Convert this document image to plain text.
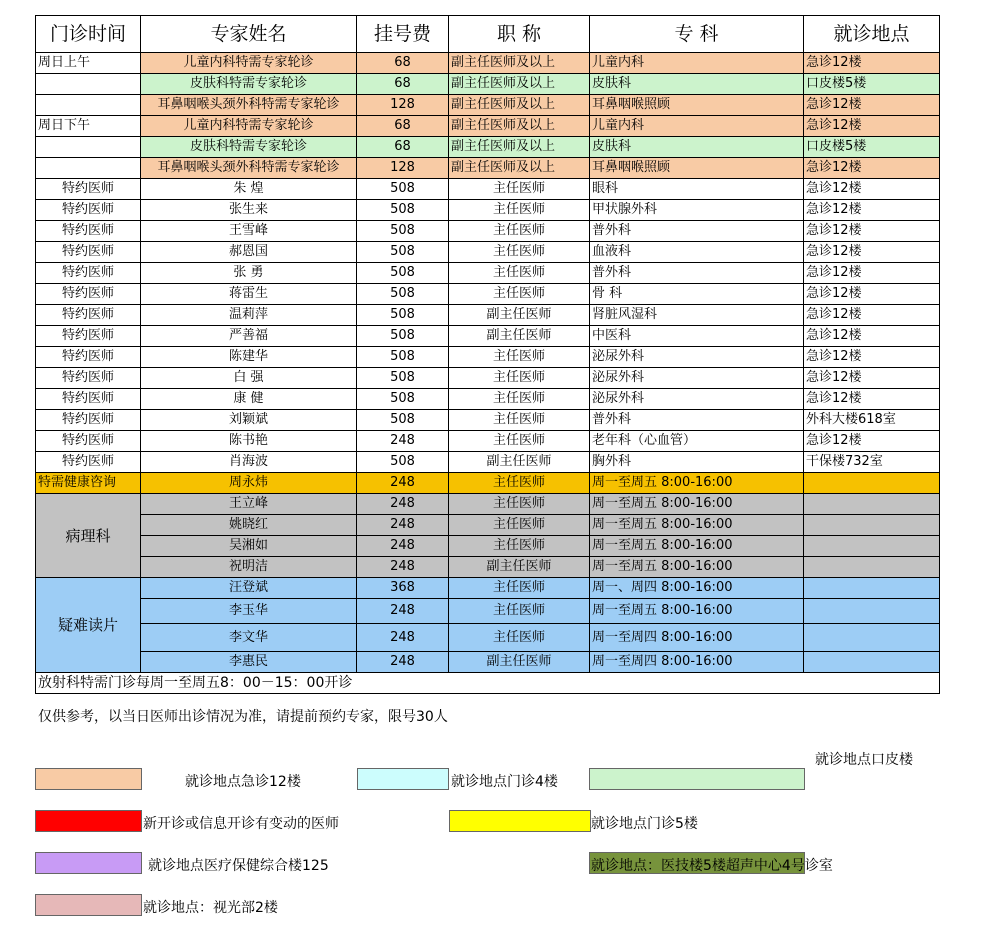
门诊时间	专家姓名	挂号费	职 称	专 科	就诊地点
周日上午	儿童内科特需专家轮诊	68	副主任医师及以上	儿童内科	急诊12楼
	皮肤科特需专家轮诊	68	副主任医师及以上	皮肤科	口皮楼5楼
	耳鼻咽喉头颈外科特需专家轮诊	128	副主任医师及以上	耳鼻咽喉照顾	急诊12楼
周日下午	儿童内科特需专家轮诊	68	副主任医师及以上	儿童内科	急诊12楼
	皮肤科特需专家轮诊	68	副主任医师及以上	皮肤科	口皮楼5楼
	耳鼻咽喉头颈外科特需专家轮诊	128	副主任医师及以上	耳鼻咽喉照顾	急诊12楼
特约医师	朱 煌	508	主任医师	眼科	急诊12楼
特约医师	张生来	508	主任医师	甲状腺外科	急诊12楼
特约医师	王雪峰	508	主任医师	普外科	急诊12楼
特约医师	郝恩国	508	主任医师	血液科	急诊12楼
特约医师	张 勇	508	主任医师	普外科	急诊12楼
特约医师	蒋雷生	508	主任医师	骨 科	急诊12楼
特约医师	温莉萍	508	副主任医师	肾脏风湿科	急诊12楼
特约医师	严善福	508	副主任医师	中医科	急诊12楼
特约医师	陈建华	508	主任医师	泌尿外科	急诊12楼
特约医师	白 强	508	主任医师	泌尿外科	急诊12楼
特约医师	康 健	508	主任医师	泌尿外科	急诊12楼
特约医师	刘颖斌	508	主任医师	普外科	外科大楼618室
特约医师	陈书艳	248	主任医师	老年科（心血管）	急诊12楼
特约医师	肖海波	508	副主任医师	胸外科	干保楼732室
特需健康咨询	周永炜	248	主任医师	周一至周五 8:00-16:00	
病理科	王立峰	248	主任医师	周一至周五 8:00-16:00	
	姚晓红	248	主任医师	周一至周五 8:00-16:00	
	吴湘如	248	主任医师	周一至周五 8:00-16:00	
	祝明洁	248	副主任医师	周一至周五 8:00-16:00	
疑难读片	汪登斌	368	主任医师	周一、周四 8:00-16:00	
	李玉华	248	主任医师	周一至周五 8:00-16:00	
	李文华	248	主任医师	周一至周四 8:00-16:00	
	李惠民	248	副主任医师	周一至周四 8:00-16:00	
放射科特需门诊每周一至周五8：00－15：00开诊					
仅供参考，以当日医师出诊情况为准，请提前预约专家，限号30人
就诊地点急诊12楼	就诊地点门诊4楼
就诊地点口皮楼
新开诊或信息开诊有变动的医师	就诊地点门诊5楼
就诊地点医疗保健综合楼125	就诊地点：医技楼5楼超声中心4号诊室
就诊地点：视光部2楼
